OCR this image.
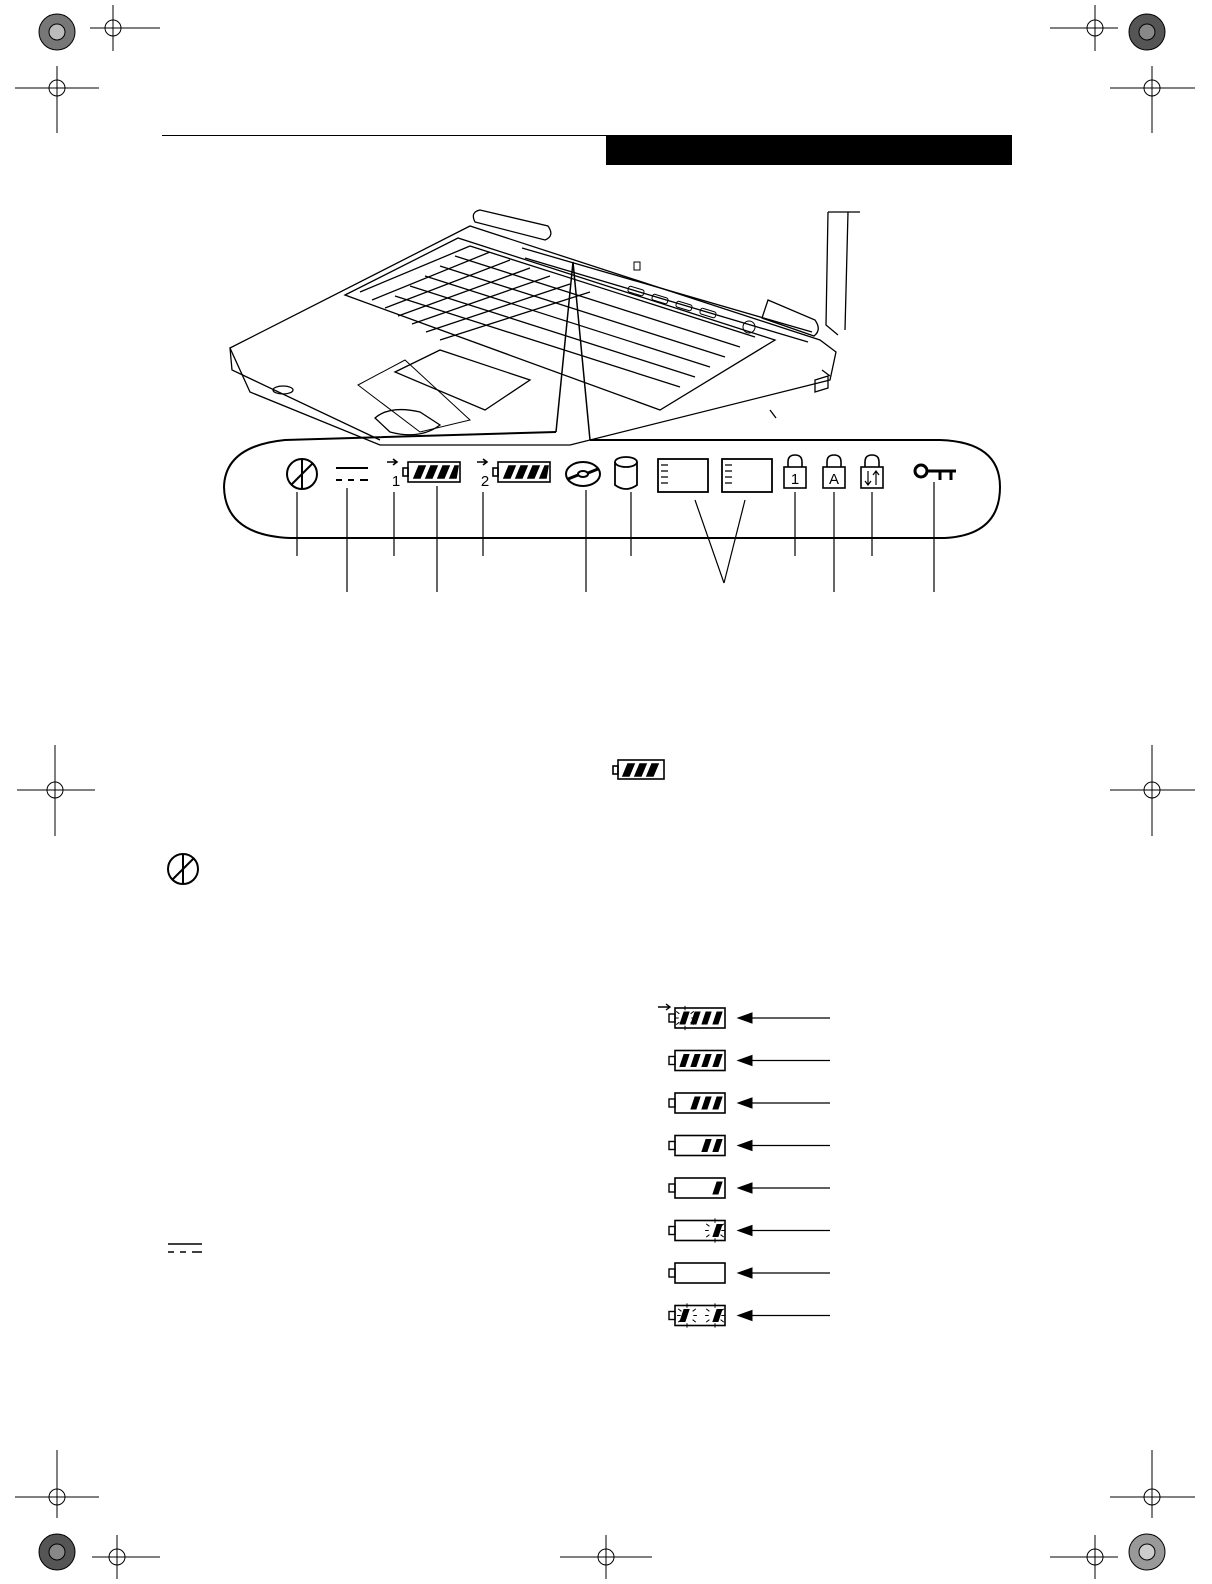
1 A
1	2
